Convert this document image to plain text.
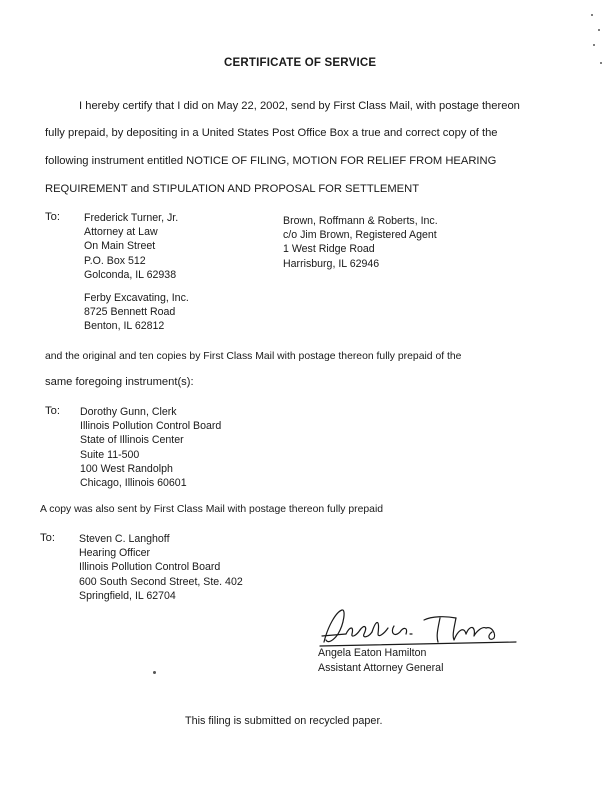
CERTIFICATE OF SERVICE
I hereby certify that I did on May 22, 2002, send by First Class Mail, with postage thereon
fully prepaid, by depositing in a United States Post Office Box a true and correct copy of the
following instrument entitled NOTICE OF FILING, MOTION FOR RELIEF FROM HEARING
REQUIREMENT and STIPULATION AND PROPOSAL FOR SETTLEMENT
To: Frederick Turner, Jr.
Attorney at Law
On Main Street
P.O. Box 512
Golconda, IL 62938
Brown, Roffmann & Roberts, Inc.
c/o Jim Brown, Registered Agent
1 West Ridge Road
Harrisburg, IL 62946
Ferby Excavating, Inc.
8725 Bennett Road
Benton, IL 62812
and the original and ten copies by First Class Mail with postage thereon fully prepaid of the
same foregoing instrument(s):
To: Dorothy Gunn, Clerk
Illinois Pollution Control Board
State of Illinois Center
Suite 11-500
100 West Randolph
Chicago, Illinois 60601
A copy was also sent by First Class Mail with postage thereon fully prepaid
To: Steven C. Langhoff
Hearing Officer
Illinois Pollution Control Board
600 South Second Street, Ste. 402
Springfield, IL 62704
Angela Eaton Hamilton
Assistant Attorney General
This filing is submitted on recycled paper.
